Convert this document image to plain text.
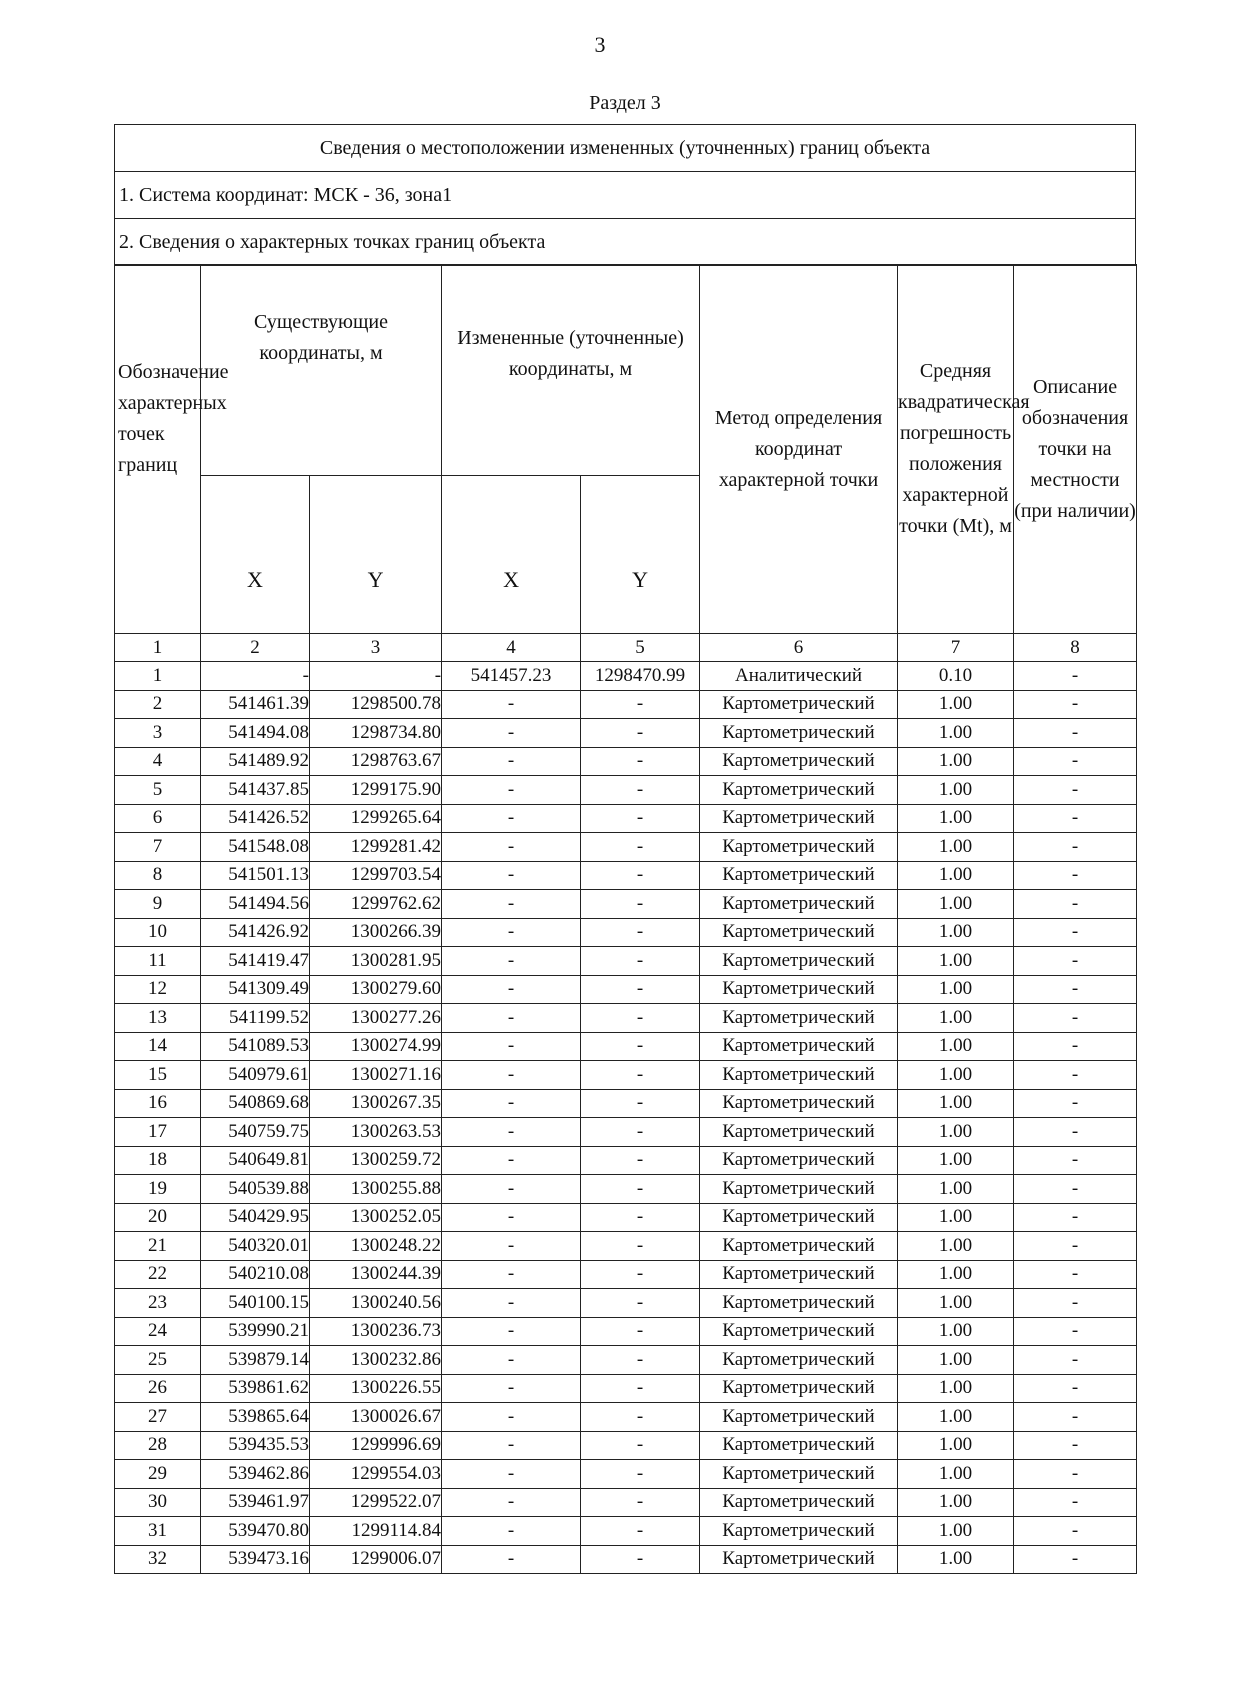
3
Раздел 3
Сведения о местоположении измененных (уточненных) границ объекта
1. Система координат: МСК - 36, зона1
2. Сведения о характерных точках границ объекта
Обозначение характерных точек границ	Существующие координаты, м		Измененные (уточненные) координаты, м		Метод определения координат характерной точки	Средняя квадратическая погрешность положения характерной точки (Mt), м	Описание обозначения точки на местности (при наличии)
	X	Y	X	Y			
1	2	3	4	5	6	7	8
1	-	-	541457.23	1298470.99	Аналитический	0.10	-
2	541461.39	1298500.78	-	-	Картометрический	1.00	-
3	541494.08	1298734.80	-	-	Картометрический	1.00	-
4	541489.92	1298763.67	-	-	Картометрический	1.00	-
5	541437.85	1299175.90	-	-	Картометрический	1.00	-
6	541426.52	1299265.64	-	-	Картометрический	1.00	-
7	541548.08	1299281.42	-	-	Картометрический	1.00	-
8	541501.13	1299703.54	-	-	Картометрический	1.00	-
9	541494.56	1299762.62	-	-	Картометрический	1.00	-
10	541426.92	1300266.39	-	-	Картометрический	1.00	-
11	541419.47	1300281.95	-	-	Картометрический	1.00	-
12	541309.49	1300279.60	-	-	Картометрический	1.00	-
13	541199.52	1300277.26	-	-	Картометрический	1.00	-
14	541089.53	1300274.99	-	-	Картометрический	1.00	-
15	540979.61	1300271.16	-	-	Картометрический	1.00	-
16	540869.68	1300267.35	-	-	Картометрический	1.00	-
17	540759.75	1300263.53	-	-	Картометрический	1.00	-
18	540649.81	1300259.72	-	-	Картометрический	1.00	-
19	540539.88	1300255.88	-	-	Картометрический	1.00	-
20	540429.95	1300252.05	-	-	Картометрический	1.00	-
21	540320.01	1300248.22	-	-	Картометрический	1.00	-
22	540210.08	1300244.39	-	-	Картометрический	1.00	-
23	540100.15	1300240.56	-	-	Картометрический	1.00	-
24	539990.21	1300236.73	-	-	Картометрический	1.00	-
25	539879.14	1300232.86	-	-	Картометрический	1.00	-
26	539861.62	1300226.55	-	-	Картометрический	1.00	-
27	539865.64	1300026.67	-	-	Картометрический	1.00	-
28	539435.53	1299996.69	-	-	Картометрический	1.00	-
29	539462.86	1299554.03	-	-	Картометрический	1.00	-
30	539461.97	1299522.07	-	-	Картометрический	1.00	-
31	539470.80	1299114.84	-	-	Картометрический	1.00	-
32	539473.16	1299006.07	-	-	Картометрический	1.00	-
